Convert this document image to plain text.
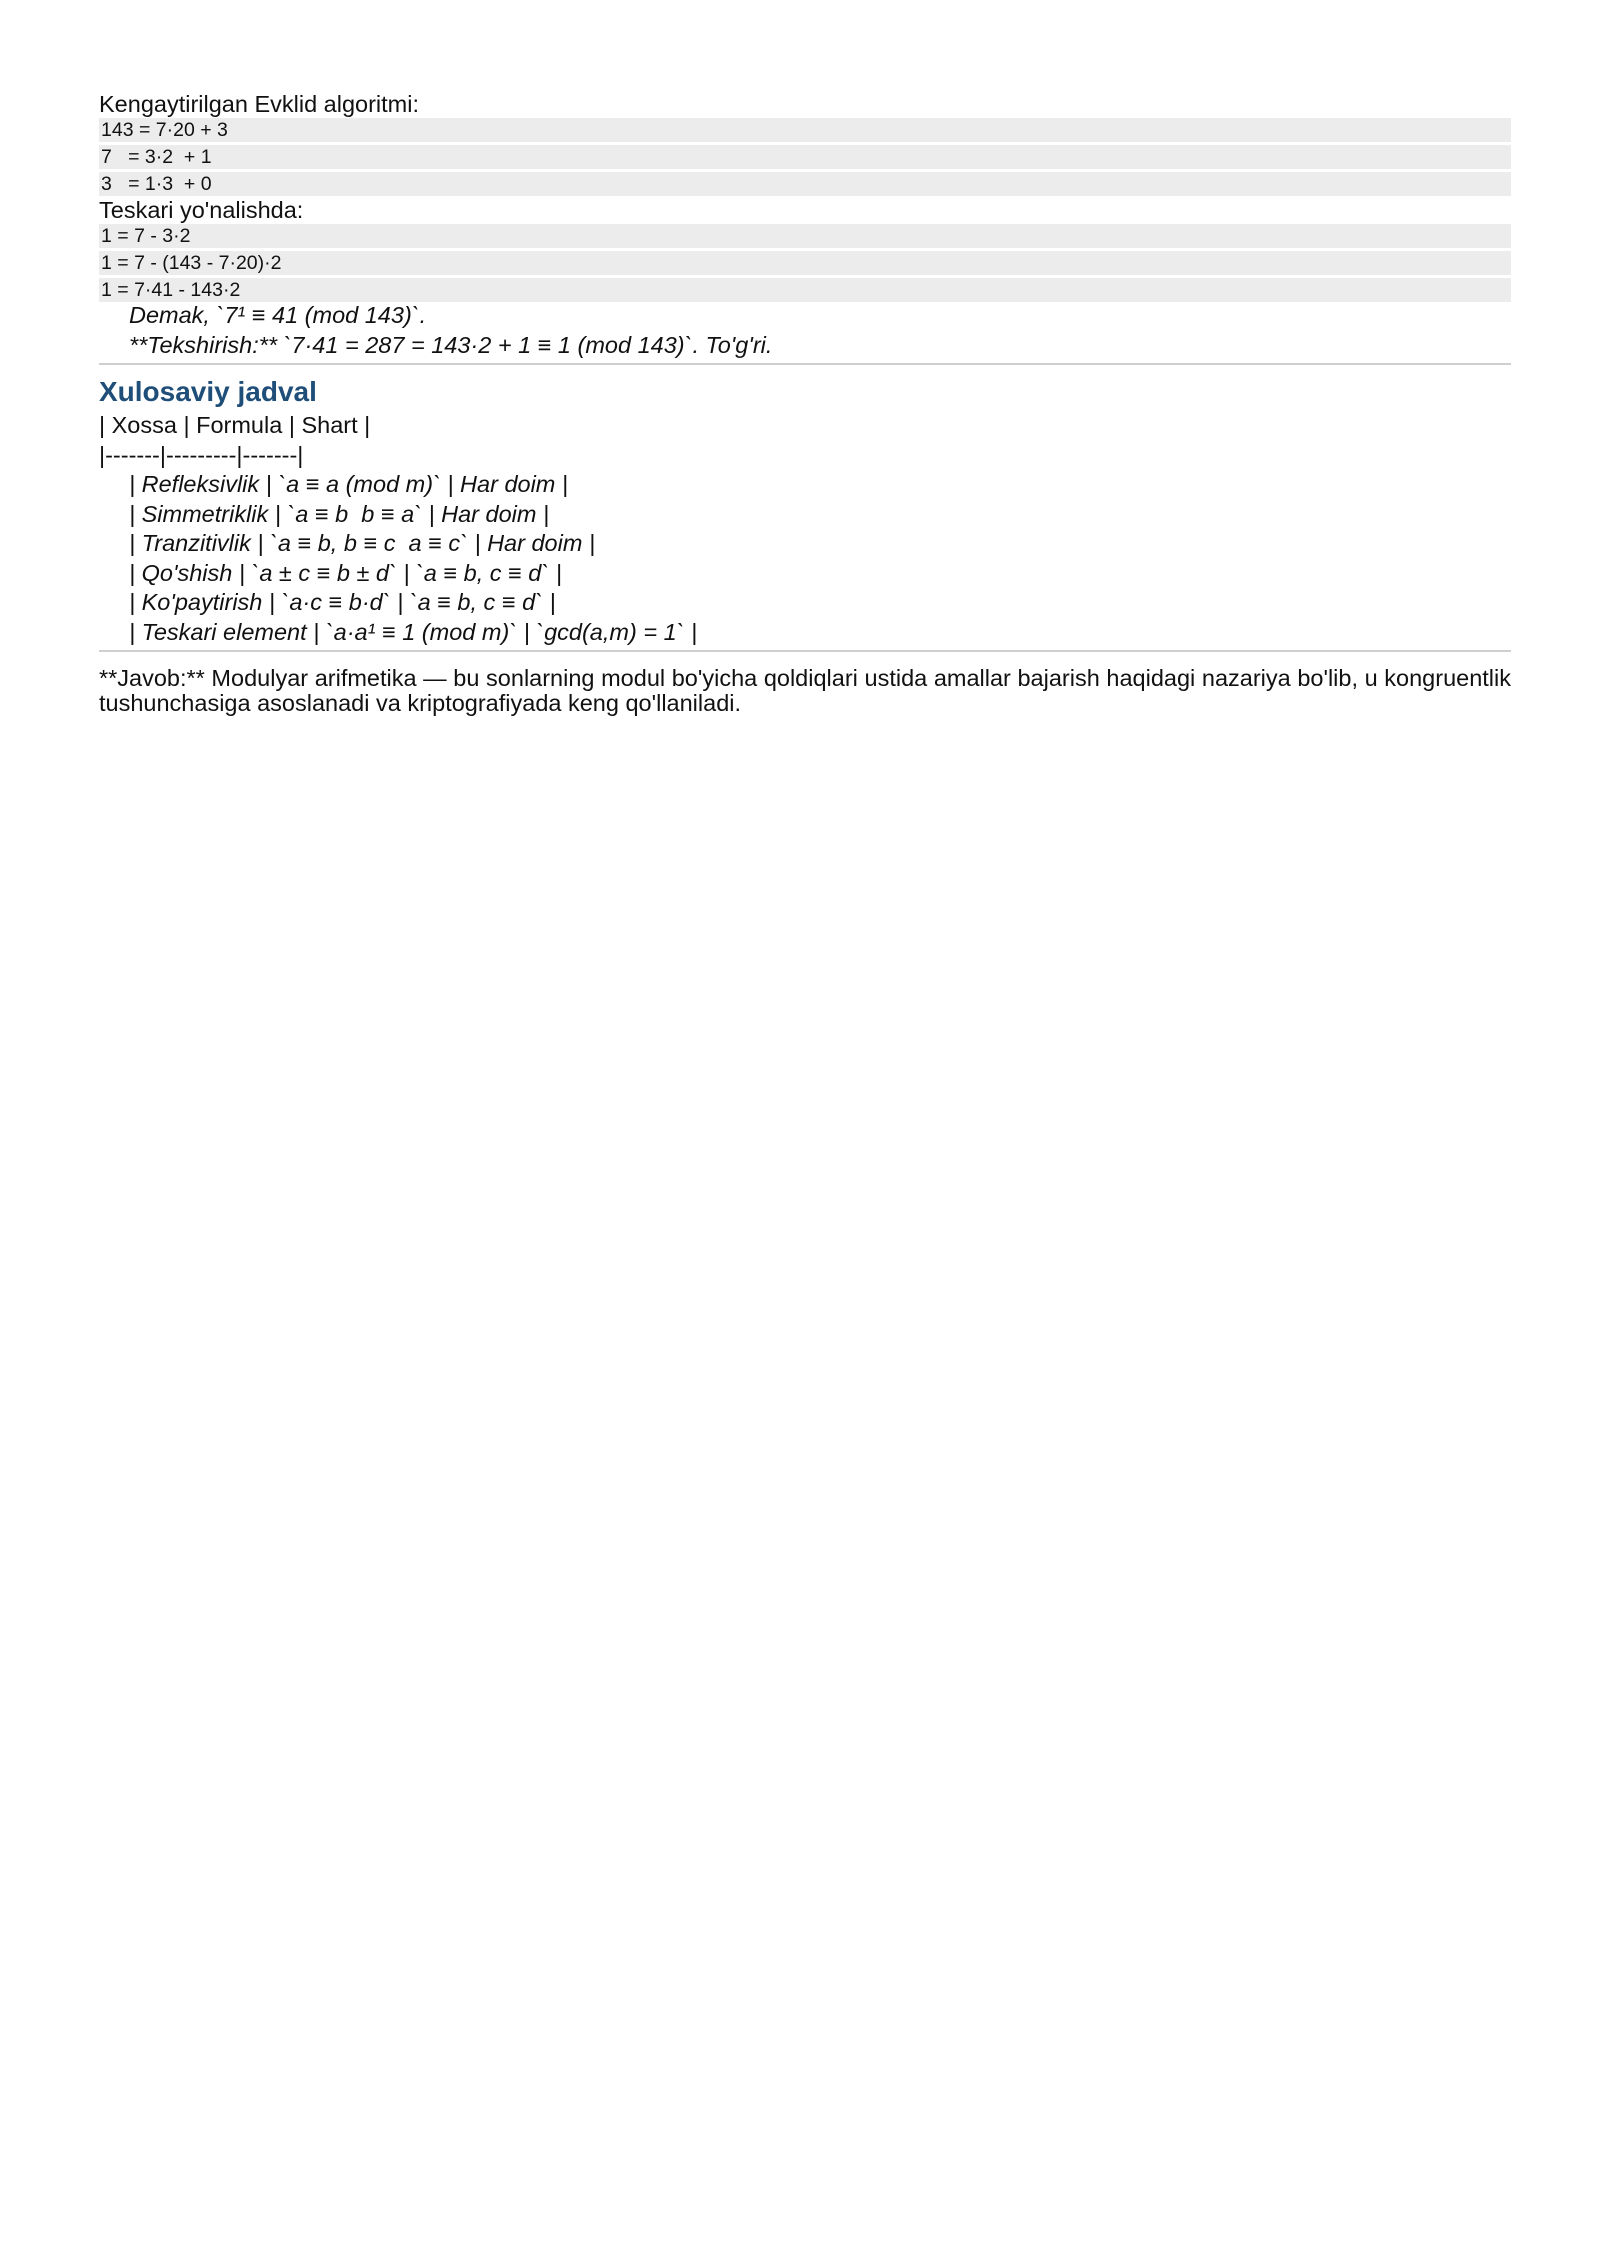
Kengaytirilgan Evklid algoritmi:

143 = 7·20 + 3
7   = 3·2  + 1
3   = 1·3  + 0

Teskari yo'nalishda:

1 = 7 - 3·2
1 = 7 - (143 - 7·20)·2
1 = 7·41 - 143·2

Demak, `7¹ ≡ 41 (mod 143)`.

**Tekshirish:** `7·41 = 287 = 143·2 + 1 ≡ 1 (mod 143)`. To'g'ri.

Xulosaviy jadval

| Xossa | Formula | Shart |

|-------|---------|-------|

| Refleksivlik | `a ≡ a (mod m)` | Har doim |

| Simmetriklik | `a ≡ b  b ≡ a` | Har doim |

| Tranzitivlik | `a ≡ b, b ≡ c  a ≡ c` | Har doim |

| Qo'shish | `a ± c ≡ b ± d` | `a ≡ b, c ≡ d` |

| Ko'paytirish | `a·c ≡ b·d` | `a ≡ b, c ≡ d` |

| Teskari element | `a·a¹ ≡ 1 (mod m)` | `gcd(a,m) = 1` |

**Javob:** Modulyar arifmetika — bu sonlarning modul bo'yicha qoldiqlari ustida amallar bajarish haqidagi nazariya bo'lib, u kongruentlik tushunchasiga asoslanadi va kriptografiyada keng qo'llaniladi.
